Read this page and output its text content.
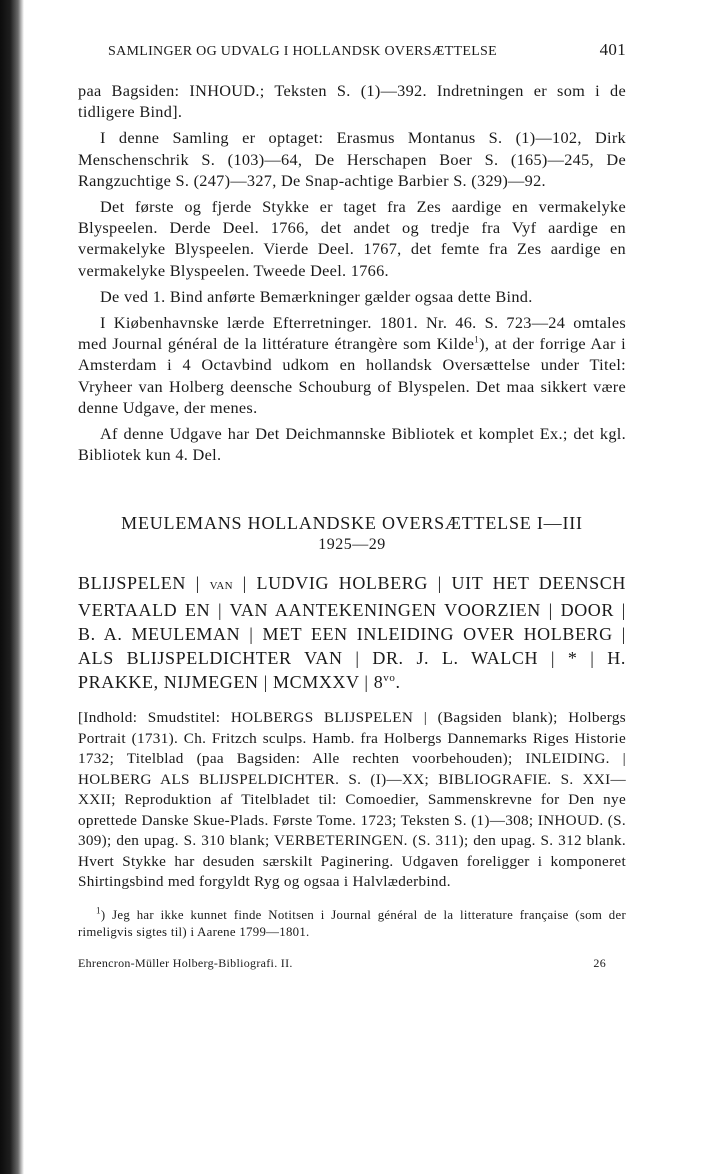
SAMLINGER OG UDVALG I HOLLANDSK OVERSÆTTELSE	401

paa Bagsiden: INHOUD.; Teksten S. (1)—392. Indretningen er som i de tidligere Bind].

I denne Samling er optaget: Erasmus Montanus S. (1)—102, Dirk Menschenschrik S. (103)—64, De Herschapen Boer S. (165)—245, De Rangzuchtige S. (247)—327, De Snap-achtige Barbier S. (329)—92.

Det første og fjerde Stykke er taget fra Zes aardige en vermakelyke Blyspeelen. Derde Deel. 1766, det andet og tredje fra Vyf aardige en vermakelyke Blyspeelen. Vierde Deel. 1767, det femte fra Zes aardige en vermakelyke Blyspeelen. Tweede Deel. 1766.

De ved 1. Bind anførte Bemærkninger gælder ogsaa dette Bind.

I Kiøbenhavnske lærde Efterretninger. 1801. Nr. 46. S. 723—24 omtales med Journal général de la littérature étrangère som Kilde$^1$), at der forrige Aar i Amsterdam i 4 Octavbind udkom en hollandsk Oversættelse under Titel: Vryheer van Holberg deensche Schouburg of Blyspelen. Det maa sikkert være denne Udgave, der menes.

Af denne Udgave har Det Deichmannske Bibliotek et komplet Ex.; det kgl. Bibliotek kun 4. Del.

MEULEMANS HOLLANDSKE OVERSÆTTELSE I—III
1925—29

BLIJSPELEN | VAN | LUDVIG HOLBERG | UIT HET DEENSCH VERTAALD EN | VAN AANTEKENINGEN VOORZIEN | DOOR | B. A. MEULEMAN | MET EEN INLEIDING OVER HOLBERG | ALS BLIJSPELDICHTER VAN | DR. J. L. WALCH | * | H. PRAKKE, NIJMEGEN | MCMXXV | $8^{vo}$.

[Indhold: Smudstitel: HOLBERGS BLIJSPELEN | (Bagsiden blank); Holbergs Portrait (1731). Ch. Fritzch sculps. Hamb. fra Holbergs Dannemarks Riges Historie 1732; Titelblad (paa Bagsiden: Alle rechten voorbehouden); INLEIDING. | HOLBERG ALS BLIJSPELDICHTER. S. (I)—XX; BIBLIOGRAFIE. S. XXI—XXII; Reproduktion af Titelbladet til: Comoedier, Sammenskrevne for Den nye oprettede Danske Skue-Plads. Første Tome. 1723; Teksten S. (1)—308; INHOUD. (S. 309); den upag. S. 310 blank; VERBETERINGEN. (S. 311); den upag. S. 312 blank. Hvert Stykke har desuden særskilt Paginering. Udgaven foreligger i komponeret Shirtingsbind med forgyldt Ryg og ogsaa i Halvlæderbind.

$^1$) Jeg har ikke kunnet finde Notitsen i Journal général de la litterature française (som der rimeligvis sigtes til) i Aarene 1799—1801.

Ehrencron-Müller Holberg-Bibliografi. II.	26
